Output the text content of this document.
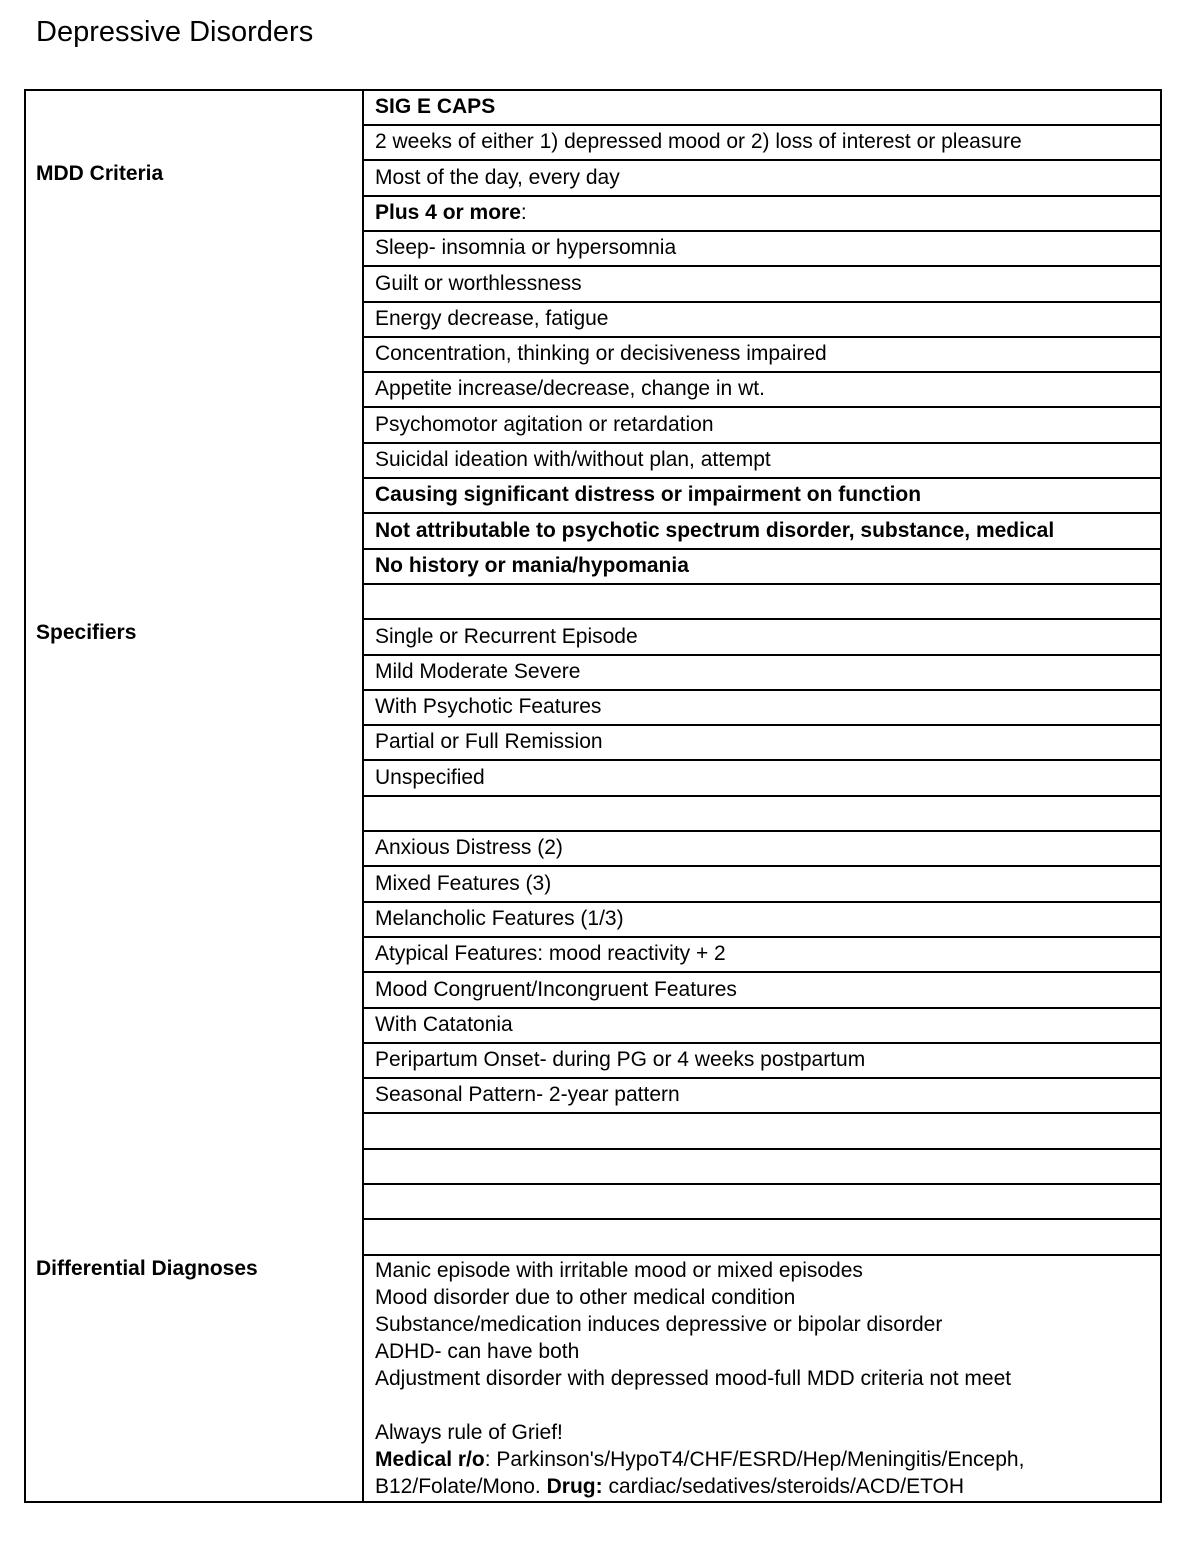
Depressive Disorders
MDD Criteria
Specifiers
Differential Diagnoses
Seasonal Pattern- 2-year pattern
Peripartum Onset- during PG or 4 weeks postpartum
With Catatonia
Mood Congruent/Incongruent Features
Atypical Features: mood reactivity + 2
Melancholic Features (1/3)
Mixed Features (3)
Anxious Distress (2)
Unspecified
Partial or Full Remission
With Psychotic Features
Mild Moderate Severe
Single or Recurrent Episode
No history or mania/hypomania
Not attributable to psychotic spectrum disorder, substance, medical
Causing significant distress or impairment on function
Suicidal ideation with/without plan, attempt
Psychomotor agitation or retardation
Appetite increase/decrease, change in wt.
Concentration, thinking or decisiveness impaired
Energy decrease, fatigue
Guilt or worthlessness
Sleep- insomnia or hypersomnia
Plus 4 or more:
Most of the day, every day
2 weeks of either 1) depressed mood or 2) loss of interest or pleasure
SIG E CAPS
Manic episode with irritable mood or mixed episodes
Mood disorder due to other medical condition
Substance/medication induces depressive or bipolar disorder
ADHD- can have both
Adjustment disorder with depressed mood-full MDD criteria not meet
Always rule of Grief!
Medical r/o: Parkinson's/HypoT4/CHF/ESRD/Hep/Meningitis/Enceph,
B12/Folate/Mono. Drug: cardiac/sedatives/steroids/ACD/ETOH
